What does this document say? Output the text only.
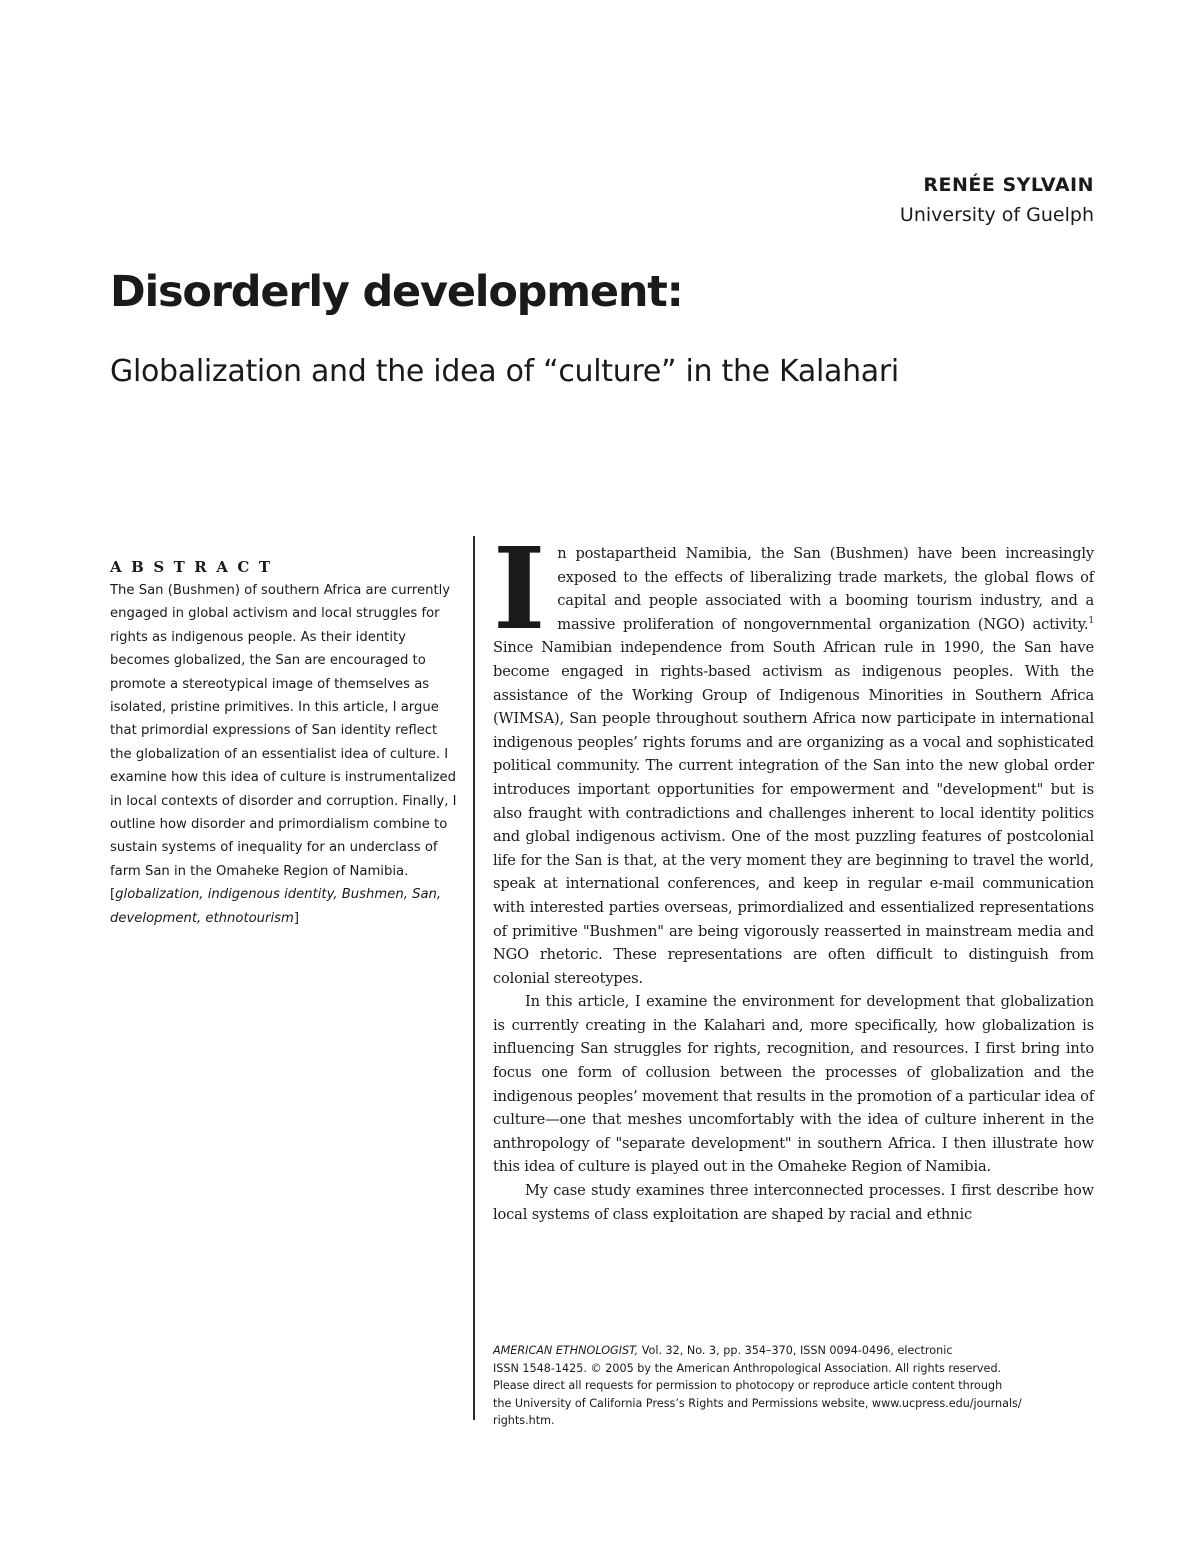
RENÉE SYLVAIN
University of Guelph
Disorderly development:
Globalization and the idea of “culture” in the Kalahari
ABSTRACT

The San (Bushmen) of southern Africa are currently engaged in global activism and local struggles for rights as indigenous people. As their identity becomes globalized, the San are encouraged to promote a stereotypical image of themselves as isolated, pristine primitives. In this article, I argue that primordial expressions of San identity reflect the globalization of an essentialist idea of culture. I examine how this idea of culture is instrumentalized in local contexts of disorder and corruption. Finally, I outline how disorder and primordialism combine to sustain systems of inequality for an underclass of farm San in the Omaheke Region of Namibia. [globalization, indigenous identity, Bushmen, San, development, ethnotourism]

In postapartheid Namibia, the San (Bushmen) have been increasingly exposed to the effects of liberalizing trade markets, the global flows of capital and people associated with a booming tourism industry, and a massive proliferation of nongovernmental organization (NGO) activity.$^1$ Since Namibian independence from South African rule in 1990, the San have become engaged in rights-based activism as indigenous peoples. With the assistance of the Working Group of Indigenous Minorities in Southern Africa (WIMSA), San people throughout southern Africa now participate in international indigenous peoples’ rights forums and are organizing as a vocal and sophisticated political community. The current integration of the San into the new global order introduces important opportunities for empowerment and "development" but is also fraught with contradictions and challenges inherent to local identity politics and global indigenous activism. One of the most puzzling features of postcolonial life for the San is that, at the very moment they are beginning to travel the world, speak at international conferences, and keep in regular e-mail communication with interested parties overseas, primordialized and essentialized representations of primitive "Bushmen" are being vigorously reasserted in mainstream media and NGO rhetoric. These representations are often difficult to distinguish from colonial stereotypes.

In this article, I examine the environment for development that globalization is currently creating in the Kalahari and, more specifically, how globalization is influencing San struggles for rights, recognition, and resources. I first bring into focus one form of collusion between the processes of globalization and the indigenous peoples’ movement that results in the promotion of a particular idea of culture—one that meshes uncomfortably with the idea of culture inherent in the anthropology of "separate development" in southern Africa. I then illustrate how this idea of culture is played out in the Omaheke Region of Namibia.

My case study examines three interconnected processes. I first describe how local systems of class exploitation are shaped by racial and ethnic

AMERICAN ETHNOLOGIST, Vol. 32, No. 3, pp. 354–370, ISSN 0094-0496, electronic
ISSN 1548-1425. © 2005 by the American Anthropological Association. All rights reserved.
Please direct all requests for permission to photocopy or reproduce article content through
the University of California Press’s Rights and Permissions website, www.ucpress.edu/journals/
rights.htm.
